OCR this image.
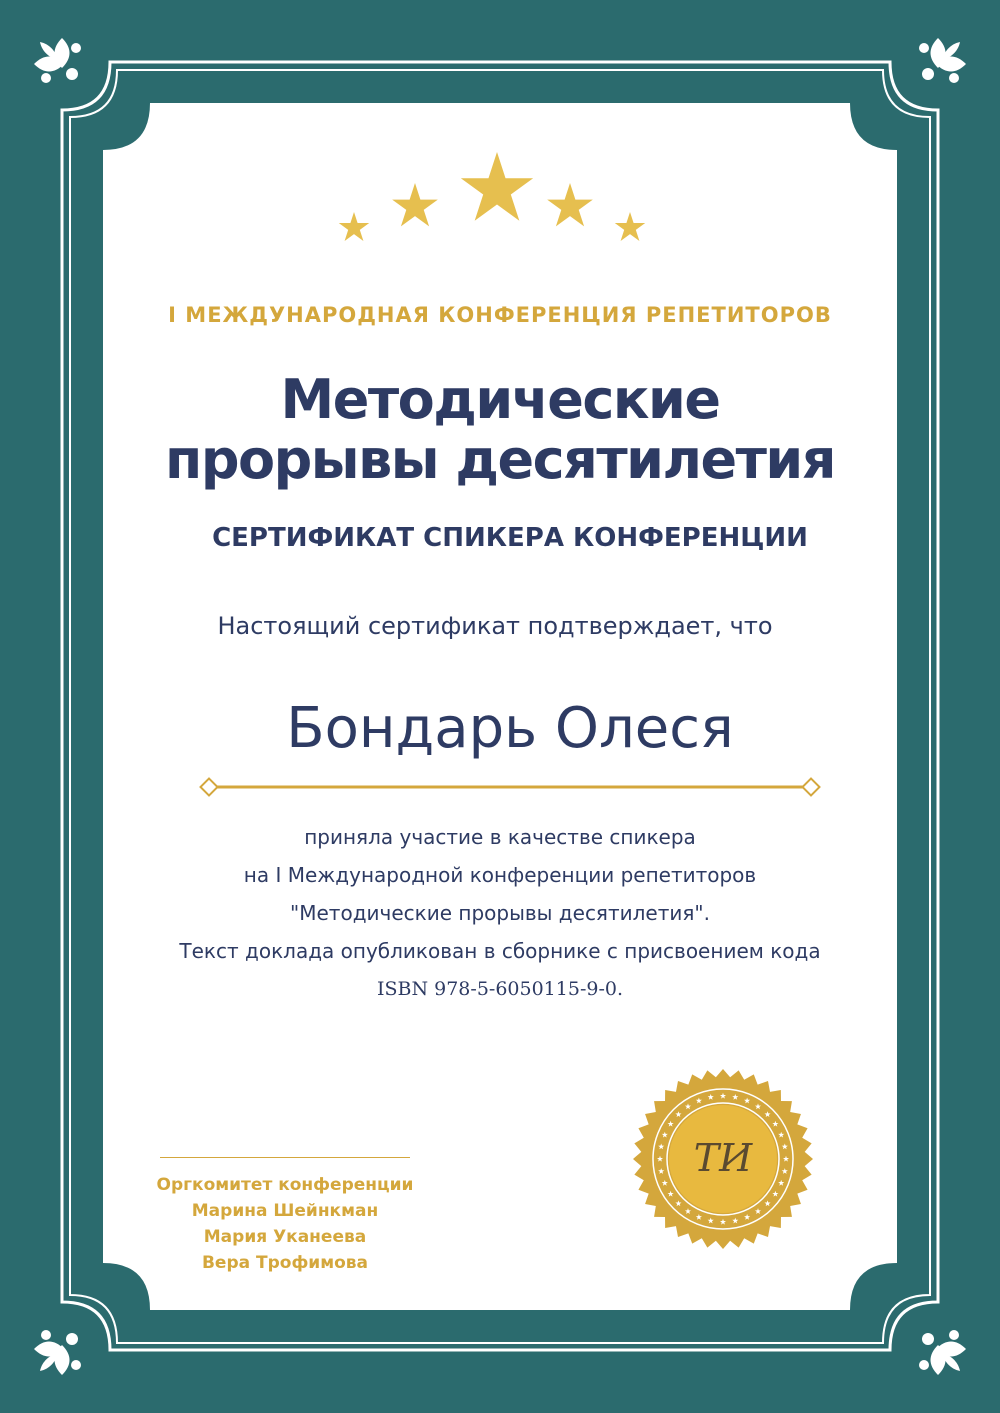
I МЕЖДУНАРОДНАЯ КОНФЕРЕНЦИЯ РЕПЕТИТОРОВ
Методические
прорывы десятилетия
СЕРТИФИКАТ СПИКЕРА КОНФЕРЕНЦИИ
Настоящий сертификат подтверждает, что
Бондарь Олеся
приняла участие в качестве спикера
на I Международной конференции репетиторов
"Методические прорывы десятилетия".
Текст доклада опубликован в сборнике с присвоением кода
ISBN 978-5-6050115-9-0.
Оргкомитет конференции
Марина Шейнкман
Мария Уканеева
Вера Трофимова
ТИ
